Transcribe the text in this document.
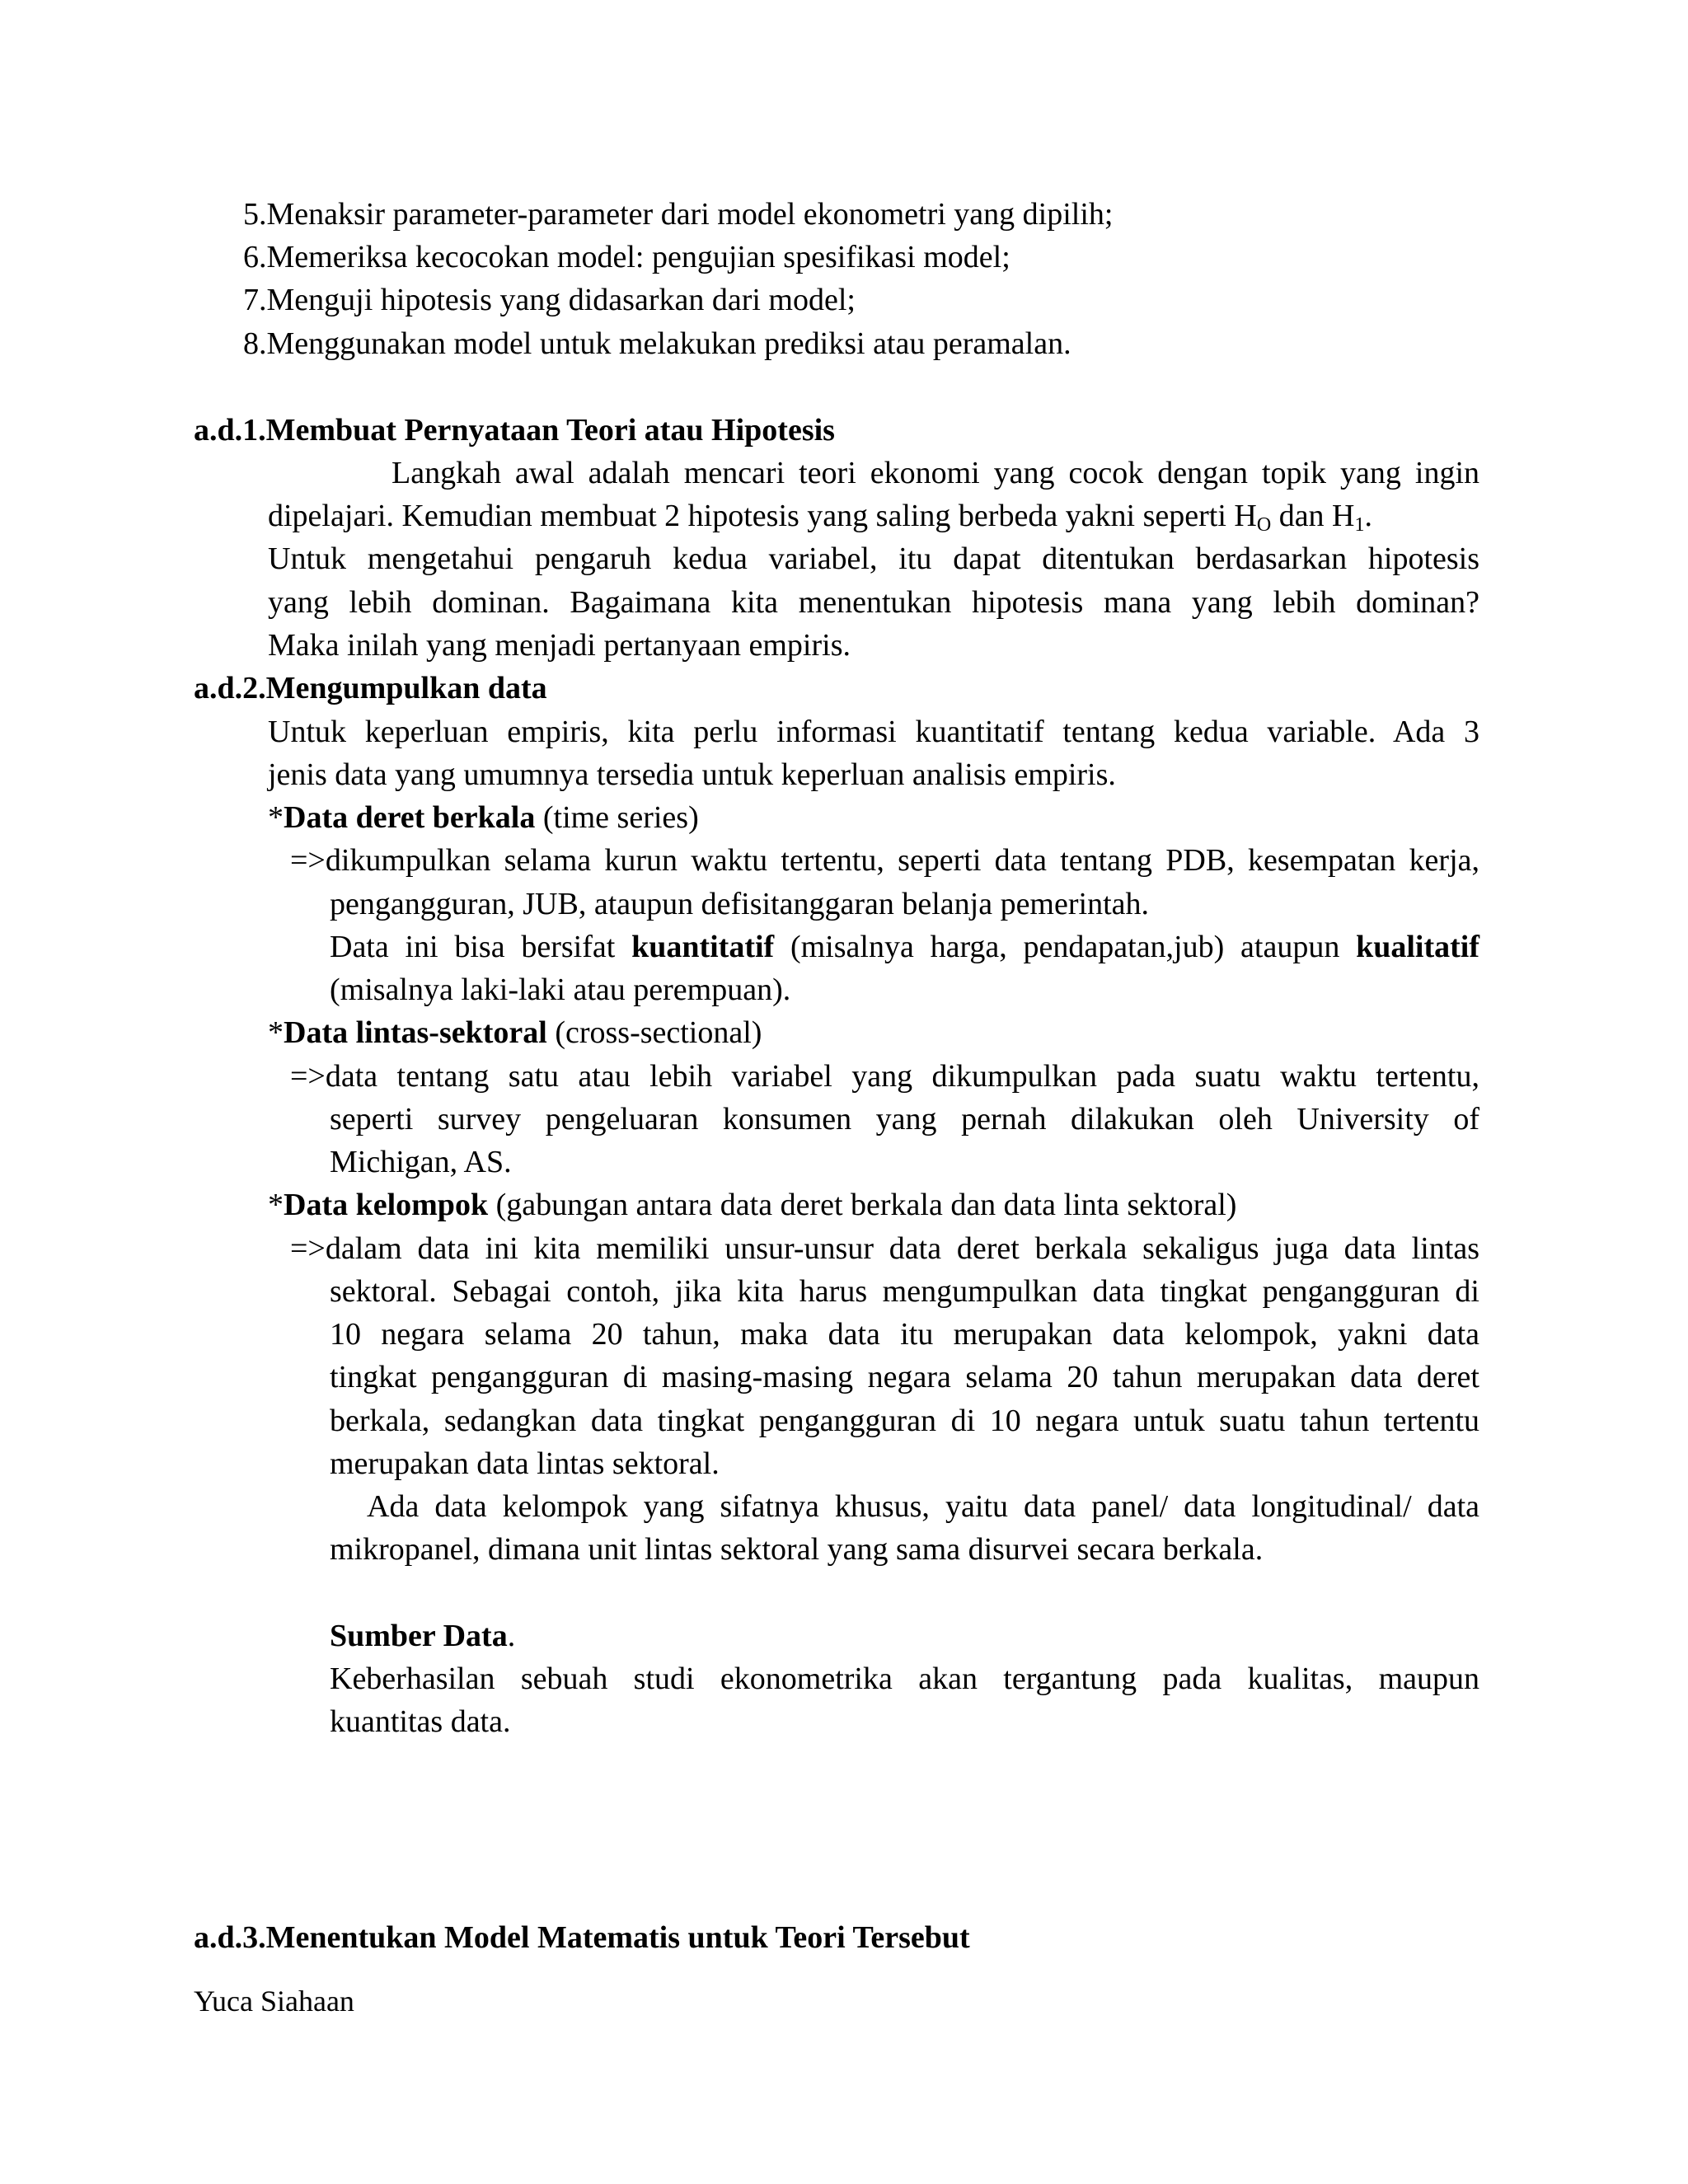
5.Menaksir parameter-parameter dari model ekonometri yang dipilih;
6.Memeriksa kecocokan model: pengujian spesifikasi model;
7.Menguji hipotesis yang didasarkan dari model;
8.Menggunakan model untuk melakukan prediksi atau peramalan.
a.d.1.Membuat Pernyataan Teori atau Hipotesis
Langkah awal adalah mencari teori ekonomi yang cocok dengan topik yang ingin
dipelajari. Kemudian membuat 2 hipotesis yang saling berbeda yakni seperti $H_O$ dan $H_1$.
Untuk mengetahui pengaruh kedua variabel, itu dapat ditentukan berdasarkan hipotesis
yang lebih dominan. Bagaimana kita menentukan hipotesis mana yang lebih dominan?
Maka inilah yang menjadi pertanyaan empiris.
a.d.2.Mengumpulkan data
Untuk keperluan empiris, kita perlu informasi kuantitatif tentang kedua variable. Ada 3
jenis data yang umumnya tersedia untuk keperluan analisis empiris.
*Data deret berkala (time series)
=>dikumpulkan selama kurun waktu tertentu, seperti data tentang PDB, kesempatan kerja,
pengangguran, JUB, ataupun defisitanggaran belanja pemerintah.
Data ini bisa bersifat kuantitatif (misalnya harga, pendapatan,jub) ataupun kualitatif
(misalnya laki-laki atau perempuan).
*Data lintas-sektoral (cross-sectional)
=>data tentang satu atau lebih variabel yang dikumpulkan pada suatu waktu tertentu,
seperti survey pengeluaran konsumen yang pernah dilakukan oleh University of
Michigan, AS.
*Data kelompok (gabungan antara data deret berkala dan data linta sektoral)
=>dalam data ini kita memiliki unsur-unsur data deret berkala sekaligus juga data lintas
sektoral. Sebagai contoh, jika kita harus mengumpulkan data tingkat pengangguran di
10 negara selama 20 tahun, maka data itu merupakan data kelompok, yakni data
tingkat pengangguran di masing-masing negara selama 20 tahun merupakan data deret
berkala, sedangkan data tingkat pengangguran di 10 negara untuk suatu tahun tertentu
merupakan data lintas sektoral.
Ada data kelompok yang sifatnya khusus, yaitu data panel/ data longitudinal/ data
mikropanel, dimana unit lintas sektoral yang sama disurvei secara berkala.
Sumber Data.
Keberhasilan sebuah studi ekonometrika akan tergantung pada kualitas, maupun
kuantitas data.
a.d.3.Menentukan Model Matematis untuk Teori Tersebut
Yuca Siahaan
